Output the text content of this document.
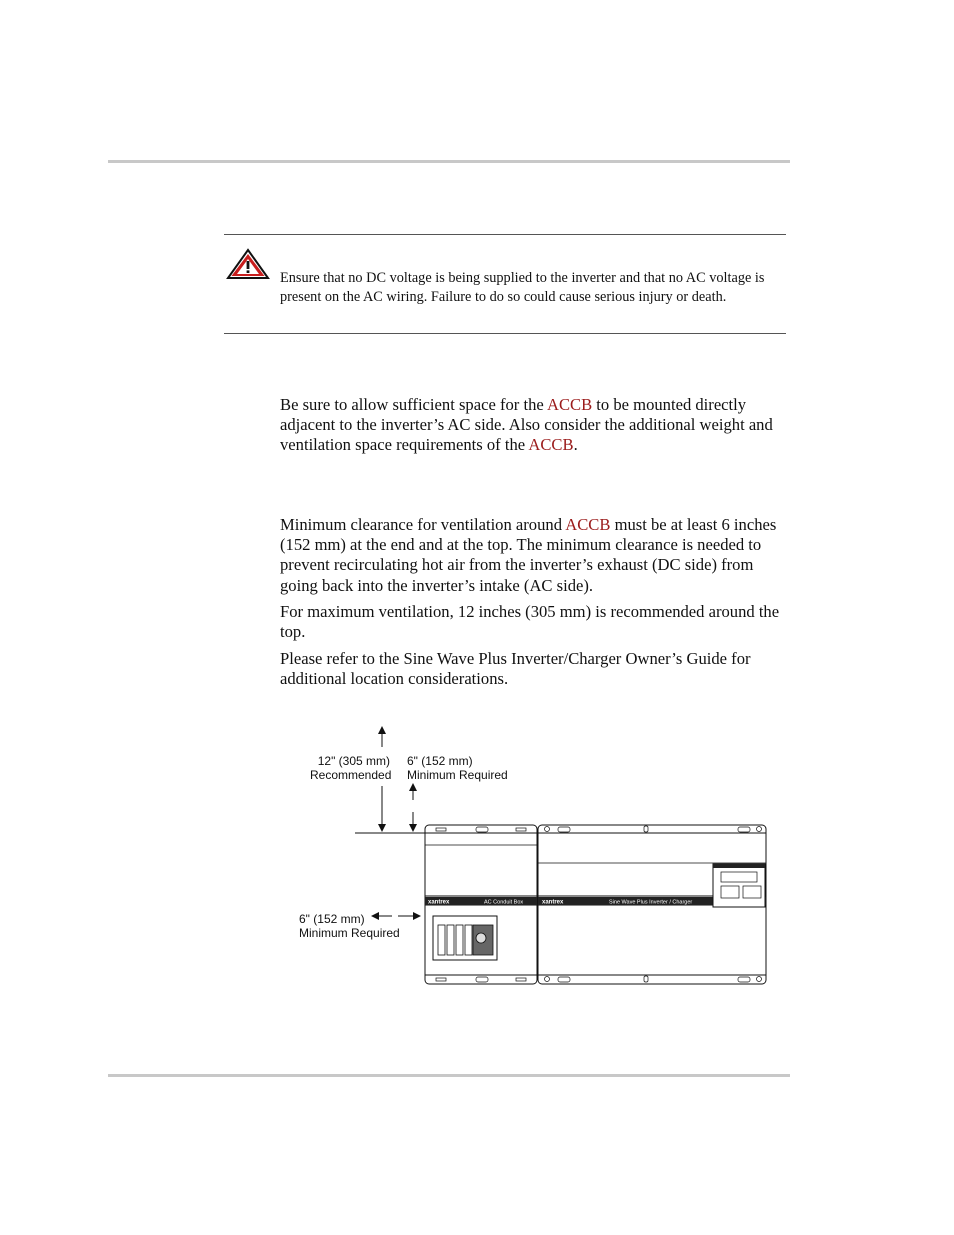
Ensure that no DC voltage is being supplied to the inverter and that no AC voltage is present on the AC wiring. Failure to do so could cause serious injury or death.

Be sure to allow sufficient space for the ACCB to be mounted directly adjacent to the inverter’s AC side. Also consider the additional weight and ventilation space requirements of the ACCB.

Minimum clearance for ventilation around ACCB must be at least 6 inches (152 mm) at the end and at the top. The minimum clearance is needed to prevent recirculating hot air from the inverter’s exhaust (DC side) from going back into the inverter’s intake (AC side).

For maximum ventilation, 12 inches (305 mm) is recommended around the top.

Please refer to the Sine Wave Plus Inverter/Charger Owner’s Guide for additional location considerations.

12" (305 mm)
Recommended
6" (152 mm)
Minimum Required
6" (152 mm)
Minimum Required
xantrex	AC Conduit Box	xantrex	Sine Wave Plus Inverter / Charger
